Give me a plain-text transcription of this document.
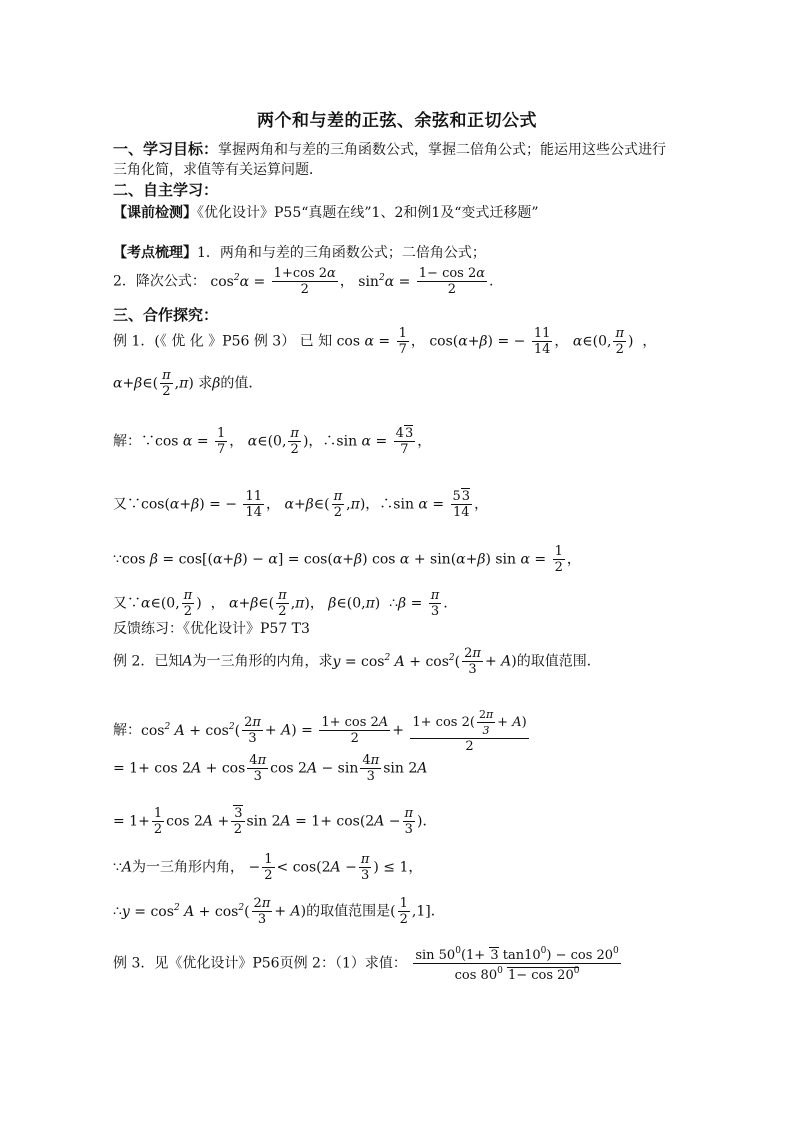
两个和与差的正弦、余弦和正切公式
一、学习目标：掌握两角和与差的三角函数公式，掌握二倍角公式；能运用这些公式进行
三角化简，求值等有关运算问题．
二、自主学习：
【课前检测】《优化设计》P55“真题在线”1、2和例1及“变式迁移题”
【考点梳理】1．两角和与差的三角函数公式；二倍角公式；
2．降次公式： $\cos^2\alpha = \frac{1+\cos 2\alpha}{2}$ ， $\sin^2\alpha = \frac{1- \cos 2\alpha}{2}$ .
三、合作探究：
例 1．(《 优 化 》P56 例 3） 已 知 $\cos \alpha = \frac{1}{7}$ ， cos(α+β) = − $\frac{11}{14}$ ， α∈(0, $\frac{\pi}{2}$ )  ，
α+β∈( $\frac{\pi}{2} ,\pi$) 求β的值．
解：∵cos $\alpha = \frac{1}{7}$ ， α∈(0, $\frac{\pi}{2}$ )，∴sin $\alpha = \frac{43}{7}$ ，
又∵cos(α+β) = − $\frac{11}{14}$ ， α+β∈( $\frac{\pi}{2} ,\pi$)，∴sin $\alpha = \frac{53}{14}$ ，
∵cos β = cos[(α+β) − α] = cos(α+β) cos α + sin(α+β) $\sin \alpha = \frac{1}{2}$ ，
又∵α∈(0, $\frac{\pi}{2}$ )  ， α+β∈( $\frac{\pi}{2} ,\pi$)， β∈(0,π)  ∴β = $\frac{\pi}{3}$ ．
反馈练习：《优化设计》P57 T3
例 2．已知A为一三角形的内角，求$y = \cos^2 A + \cos^2( \frac{2\pi}{3} + A)$的取值范围．
解：$\cos^2 A + \cos^2( \frac{2\pi}{3} + A) = \frac{1+ \cos 2A}{2} + \frac{1+ \cos 2( \frac{2\pi}{3} + A)}{2}$
= $1+ \cos 2A + \cos \frac{4\pi}{3}$ $\cos 2A - \sin \frac{4\pi}{3}$ sin 2A
= $1+ \frac{1}{2}$ $\cos 2A + \frac{3}{2}$ $\sin 2A = 1+ \cos(2A - \frac{\pi}{3}$ )．
∵A为一三角形内角， − $\frac{1}{2} < \cos(2A - \frac{\pi}{3}$ ) ≤ 1，
∴y = $\cos^2 A + \cos^2( \frac{2\pi}{3} + A)$的取值范围是( $\frac{1}{2} ,1$]．
例 3．见《优化设计》P56页例 2：（1）求值： $\frac{\sin 50^0(1+ 3 \tan 10^0) - \cos 20^0}{\cos 80^0 1- \cos 20^0}$
